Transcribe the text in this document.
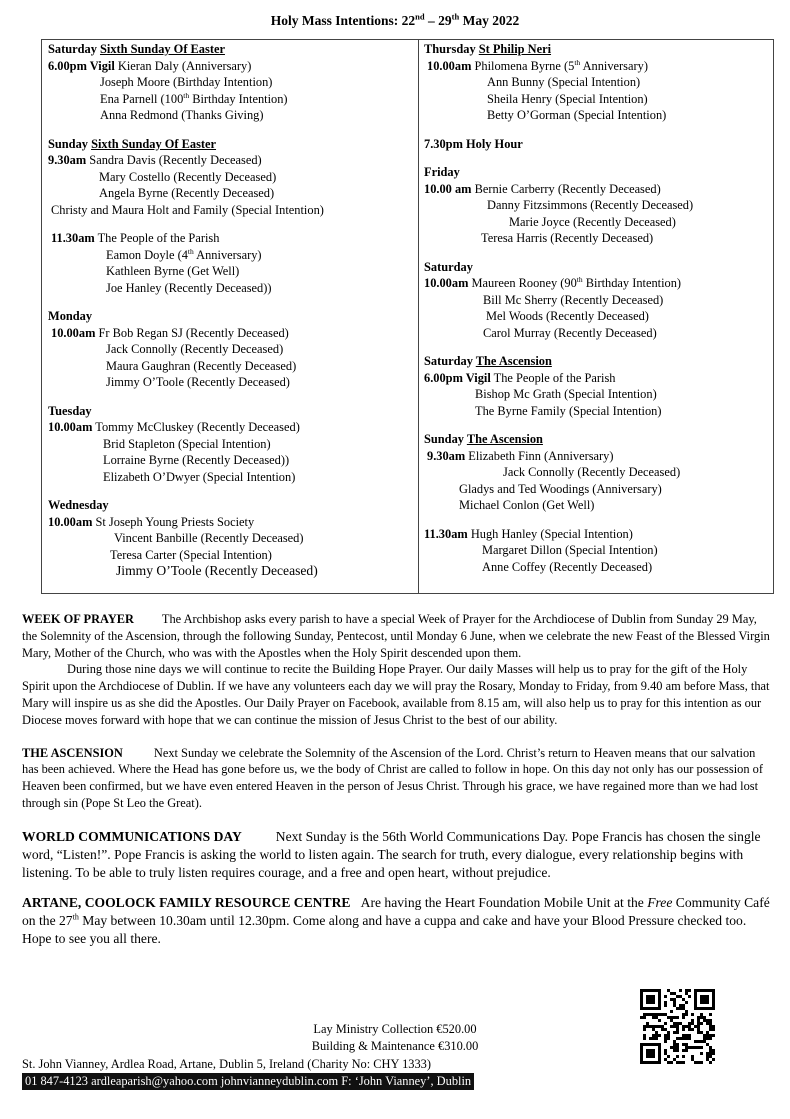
Holy Mass Intentions: 22nd – 29th May 2022
Saturday Sixth Sunday Of Easter
6.00pm Vigil Kieran Daly (Anniversary)
Joseph Moore (Birthday Intention)
Ena Parnell (100th Birthday Intention)
Anna Redmond (Thanks Giving)
Sunday Sixth Sunday Of Easter
9.30am Sandra Davis (Recently Deceased)
Mary Costello (Recently Deceased)
Angela Byrne (Recently Deceased)
Christy and Maura Holt and Family (Special Intention)
11.30am The People of the Parish
Eamon Doyle (4th Anniversary)
Kathleen Byrne (Get Well)
Joe Hanley (Recently Deceased))
Monday
10.00am Fr Bob Regan SJ (Recently Deceased)
Jack Connolly (Recently Deceased)
Maura Gaughran (Recently Deceased)
Jimmy O’Toole (Recently Deceased)
Tuesday
10.00am Tommy McCluskey (Recently Deceased)
Brid Stapleton (Special Intention)
Lorraine Byrne (Recently Deceased))
Elizabeth O’Dwyer (Special Intention)
Wednesday
10.00am St Joseph Young Priests Society
Vincent Banbille (Recently Deceased)
Teresa Carter (Special Intention)
Jimmy O’Toole (Recently Deceased)
Thursday St Philip Neri
10.00am Philomena Byrne (5th Anniversary)
Ann Bunny (Special Intention)
Sheila Henry (Special Intention)
Betty O’Gorman (Special Intention)
7.30pm Holy Hour
Friday
10.00 am Bernie Carberry (Recently Deceased)
Danny Fitzsimmons (Recently Deceased)
Marie Joyce (Recently Deceased)
Teresa Harris (Recently Deceased)
Saturday
10.00am Maureen Rooney (90th Birthday Intention)
Bill Mc Sherry (Recently Deceased)
Mel Woods (Recently Deceased)
Carol Murray (Recently Deceased)
Saturday The Ascension
6.00pm Vigil The People of the Parish
Bishop Mc Grath (Special Intention)
The Byrne Family (Special Intention)
Sunday The Ascension
9.30am Elizabeth Finn (Anniversary)
Jack Connolly (Recently Deceased)
Gladys and Ted Woodings (Anniversary)
Michael Conlon (Get Well)
11.30am Hugh Hanley (Special Intention)
Margaret Dillon (Special Intention)
Anne Coffey (Recently Deceased)

WEEK OF PRAYER The Archbishop asks every parish to have a special Week of Prayer for the Archdiocese of Dublin from Sunday 29 May, the Solemnity of the Ascension, through the following Sunday, Pentecost, until Monday 6 June, when we celebrate the new Feast of the Blessed Virgin Mary, Mother of the Church, who was with the Apostles when the Holy Spirit descended upon them.

During those nine days we will continue to recite the Building Hope Prayer. Our daily Masses will help us to pray for the gift of the Holy Spirit upon the Archdiocese of Dublin. If we have any volunteers each day we will pray the Rosary, Monday to Friday, from 9.40 am before Mass, that Mary will inspire us as she did the Apostles. Our Daily Prayer on Facebook, available from 8.15 am, will also help us to pray for this intention as our Diocese moves forward with hope that we can continue the mission of Jesus Christ to the best of our ability.

THE ASCENSION Next Sunday we celebrate the Solemnity of the Ascension of the Lord. Christ’s return to Heaven means that our salvation has been achieved. Where the Head has gone before us, we the body of Christ are called to follow in hope. On this day not only has our possession of Heaven been confirmed, but we have even entered Heaven in the person of Jesus Christ. Through his grace, we have regained more than we had lost through sin (Pope St Leo the Great).

WORLD COMMUNICATIONS DAY Next Sunday is the 56th World Communications Day. Pope Francis has chosen the single word, “Listen!”. Pope Francis is asking the world to listen again. The search for truth, every dialogue, every relationship begins with listening. To be able to truly listen requires courage, and a free and open heart, without prejudice.

ARTANE, COOLOCK FAMILY RESOURCE CENTRE Are having the Heart Foundation Mobile Unit at the Free Community Café on the 27th May between 10.30am until 12.30pm. Come along and have a cuppa and cake and have your Blood Pressure checked too. Hope to see you all there.

Lay Ministry Collection €520.00
Building & Maintenance €310.00
St. John Vianney, Ardlea Road, Artane, Dublin 5, Ireland (Charity No: CHY 1333)
01 847-4123 ardleaparish@yahoo.com johnvianneydublin.com F: ‘John Vianney’, Dublin
